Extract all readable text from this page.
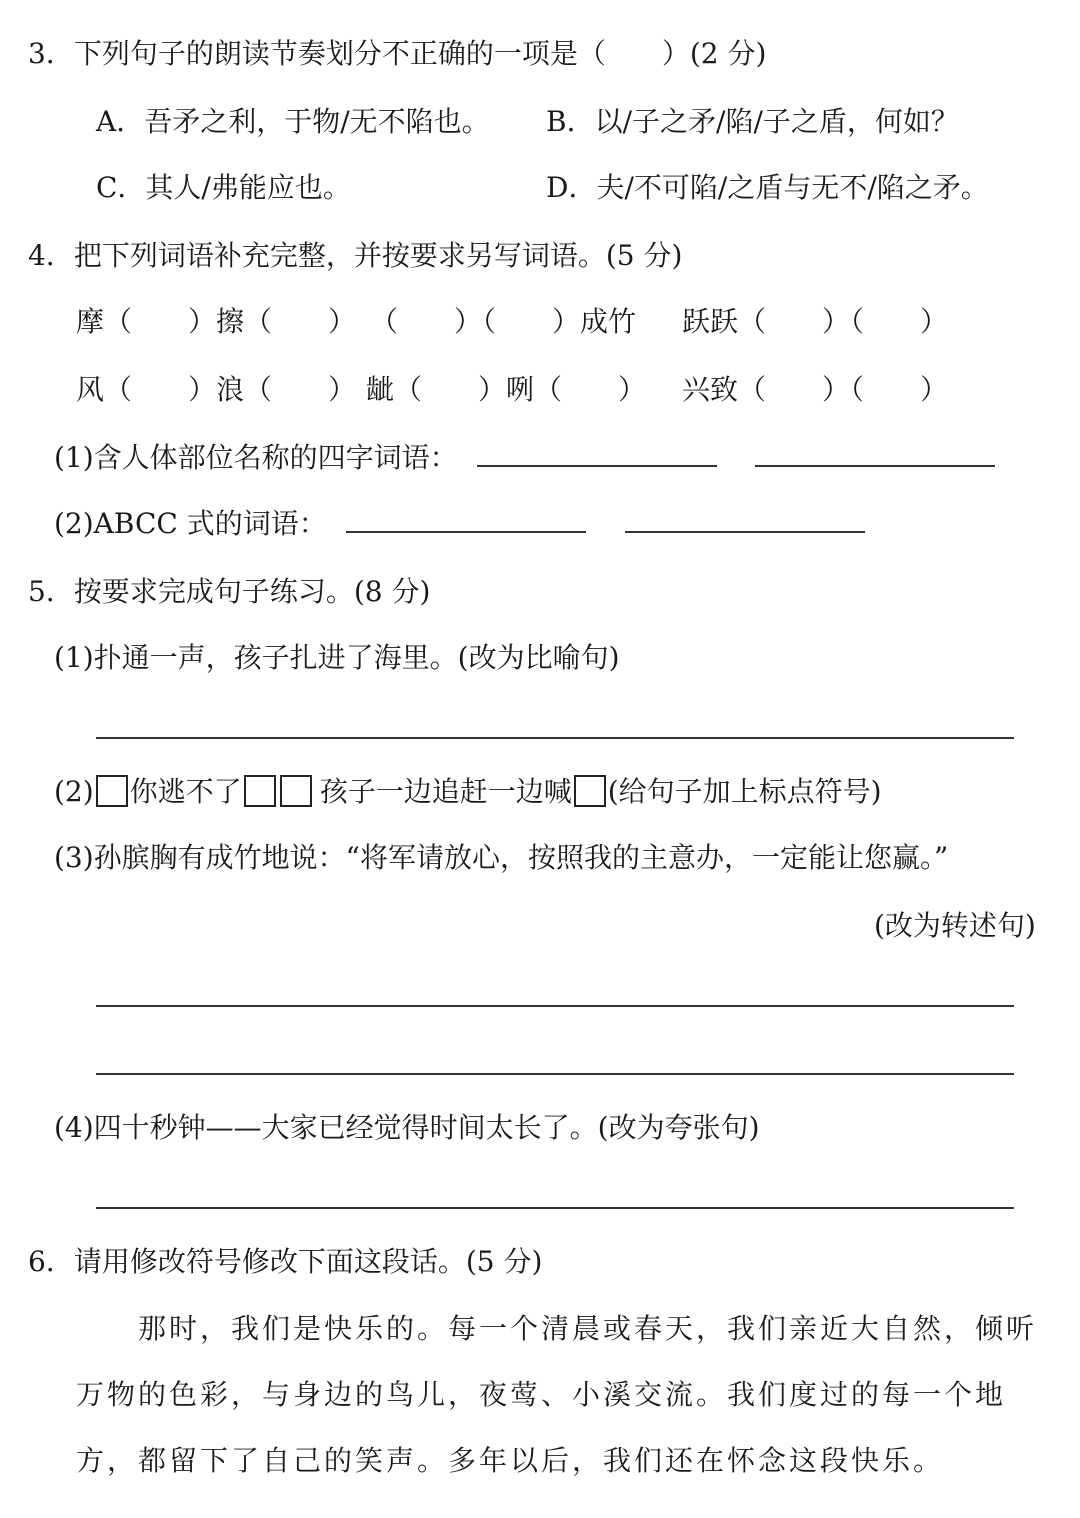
3．下列句子的朗读节奏划分不正确的一项是（　　）(2 分)
A．吾矛之利，于物/无不陷也。 B．以/子之矛/陷/子之盾，何如？
C．其人/弗能应也。	D．夫/不可陷/之盾与无不/陷之矛。
4．把下列词语补充完整，并按要求另写词语。(5 分)
摩（　　）擦（　　） （　　）（　　）成竹 跃跃（　　）（　　）
风（　　）浪（　　） 龇（　　）咧（　　） 兴致（　　）（　　）
(1)含人体部位名称的四字词语：
(2)ABCC 式的词语：
5．按要求完成句子练习。(8 分)
(1)扑通一声，孩子扎进了海里。(改为比喻句)
(2) 你逃不了	孩子一边追赶一边喊 (给句子加上标点符号)
(3)孙膑胸有成竹地说：“将军请放心，按照我的主意办，一定能让您赢。”
(改为转述句)
(4)四十秒钟——大家已经觉得时间太长了。(改为夸张句)
6．请用修改符号修改下面这段话。(5 分)
那时，我们是快乐的。每一个清晨或春天，我们亲近大自然，倾听万物的色彩，与身边的鸟儿，夜莺、小溪交流。我们度过的每一个地方，都留下了自己的笑声。多年以后，我们还在怀念这段快乐。
